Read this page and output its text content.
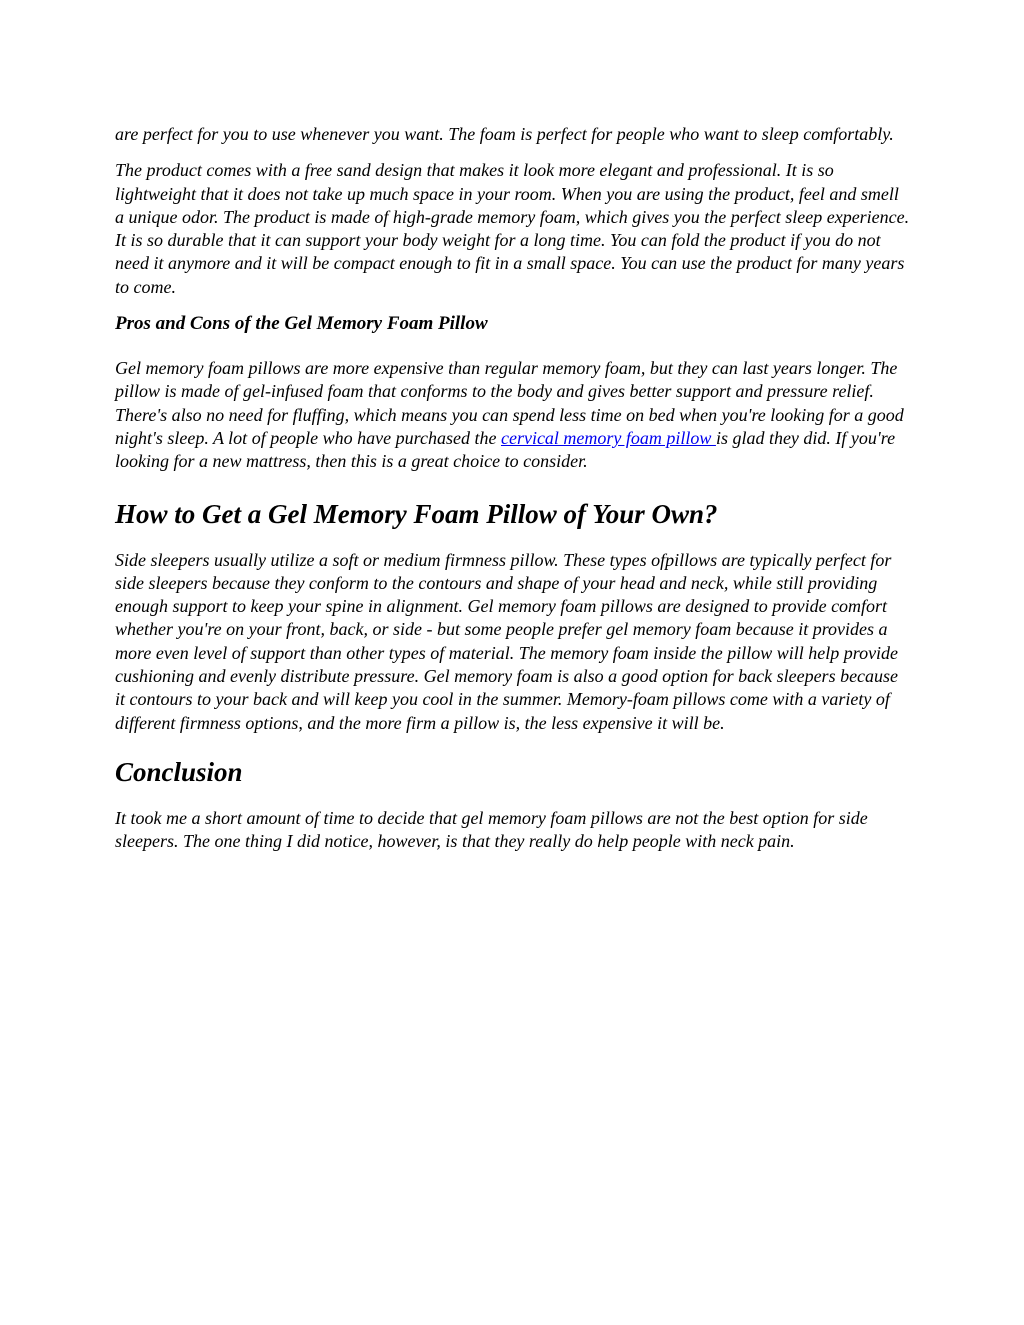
are perfect for you to use whenever you want. The foam is perfect for people who want to sleep comfortably.

The product comes with a free sand design that makes it look more elegant and professional. It is so lightweight that it does not take up much space in your room. When you are using the product, feel and smell a unique odor. The product is made of high-grade memory foam, which gives you the perfect sleep experience. It is so durable that it can support your body weight for a long time. You can fold the product if you do not need it anymore and it will be compact enough to fit in a small space. You can use the product for many years to come.

Pros and Cons of the Gel Memory Foam Pillow

Gel memory foam pillows are more expensive than regular memory foam, but they can last years longer. The pillow is made of gel-infused foam that conforms to the body and gives better support and pressure relief. There's also no need for fluffing, which means you can spend less time on bed when you're looking for a good night's sleep. A lot of people who have purchased the cervical memory foam pillow is glad they did. If you're looking for a new mattress, then this is a great choice to consider.

How to Get a Gel Memory Foam Pillow of Your Own?

Side sleepers usually utilize a soft or medium firmness pillow. These types ofpillows are typically perfect for side sleepers because they conform to the contours and shape of your head and neck, while still providing enough support to keep your spine in alignment. Gel memory foam pillows are designed to provide comfort whether you're on your front, back, or side - but some people prefer gel memory foam because it provides a more even level of support than other types of material. The memory foam inside the pillow will help provide cushioning and evenly distribute pressure. Gel memory foam is also a good option for back sleepers because it contours to your back and will keep you cool in the summer. Memory-foam pillows come with a variety of different firmness options, and the more firm a pillow is, the less expensive it will be.

Conclusion

It took me a short amount of time to decide that gel memory foam pillows are not the best option for side sleepers. The one thing I did notice, however, is that they really do help people with neck pain.
